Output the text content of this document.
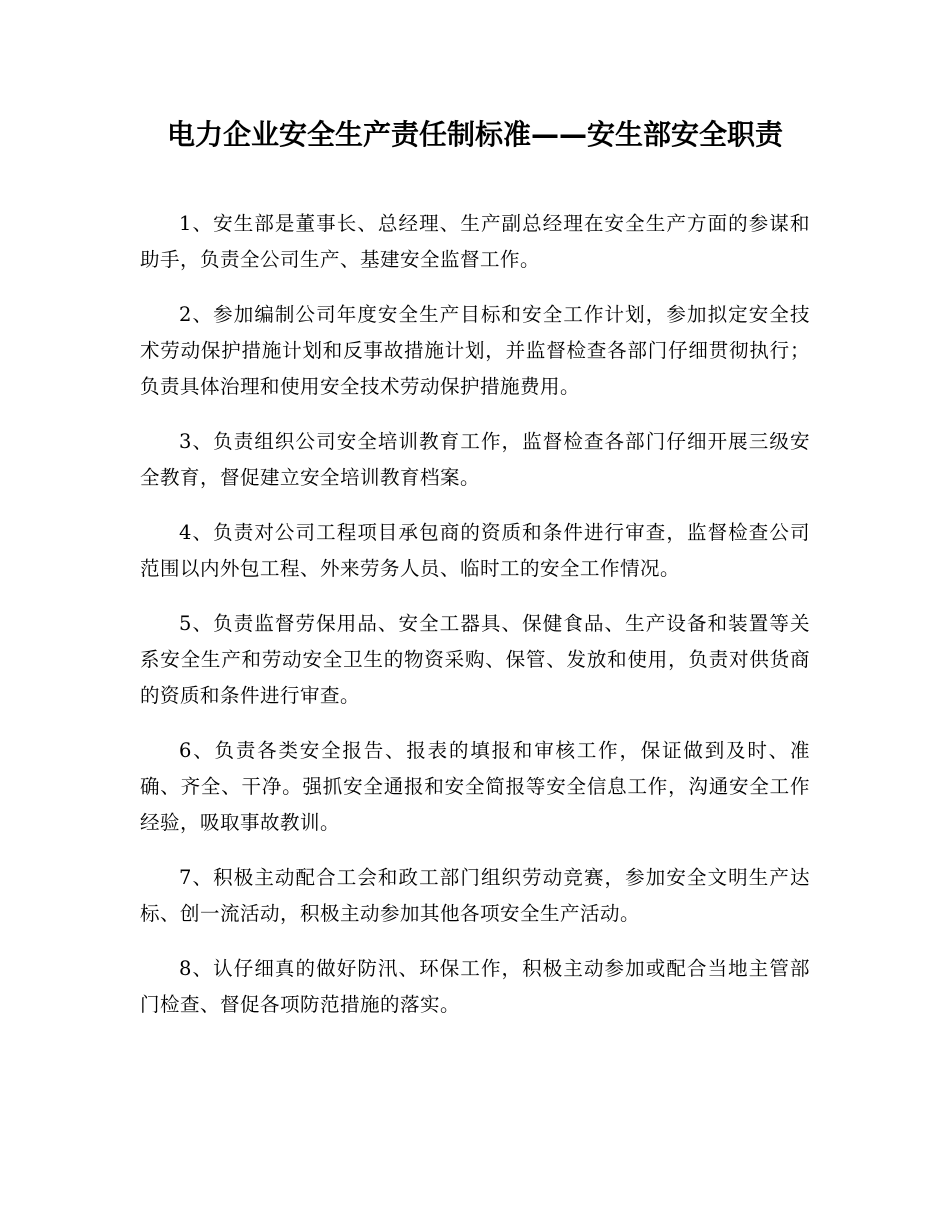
电力企业安全生产责任制标准——安生部安全职责

1、安生部是董事长、总经理、生产副总经理在安全生产方面的参谋和助手，负责全公司生产、基建安全监督工作。

2、参加编制公司年度安全生产目标和安全工作计划，参加拟定安全技术劳动保护措施计划和反事故措施计划，并监督检查各部门仔细贯彻执行；负责具体治理和使用安全技术劳动保护措施费用。

3、负责组织公司安全培训教育工作，监督检查各部门仔细开展三级安全教育，督促建立安全培训教育档案。

4、负责对公司工程项目承包商的资质和条件进行审查，监督检查公司范围以内外包工程、外来劳务人员、临时工的安全工作情况。

5、负责监督劳保用品、安全工器具、保健食品、生产设备和装置等关系安全生产和劳动安全卫生的物资采购、保管、发放和使用，负责对供货商的资质和条件进行审查。

6、负责各类安全报告、报表的填报和审核工作，保证做到及时、准确、齐全、干净。强抓安全通报和安全简报等安全信息工作，沟通安全工作经验，吸取事故教训。

7、积极主动配合工会和政工部门组织劳动竞赛，参加安全文明生产达标、创一流活动，积极主动参加其他各项安全生产活动。

8、认仔细真的做好防汛、环保工作，积极主动参加或配合当地主管部门检查、督促各项防范措施的落实。
